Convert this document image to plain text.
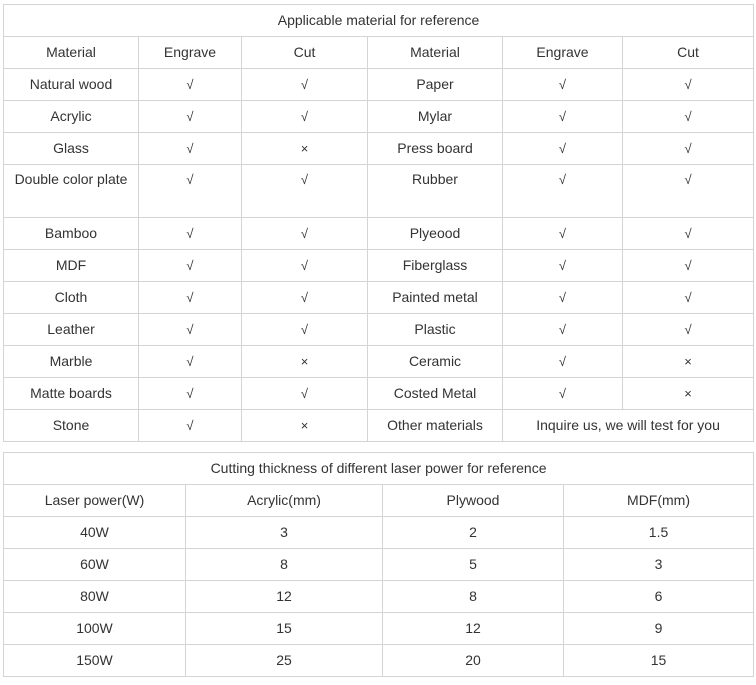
Applicable material for reference					
Material	Engrave	Cut	Material	Engrave	Cut
Natural wood	√	√	Paper	√	√
Acrylic	√	√	Mylar	√	√
Glass	√	×	Press board	√	√
Double color plate	√	√	Rubber	√	√
Bamboo	√	√	Plyeood	√	√
MDF	√	√	Fiberglass	√	√
Cloth	√	√	Painted metal	√	√
Leather	√	√	Plastic	√	√
Marble	√	×	Ceramic	√	×
Matte boards	√	√	Costed Metal	√	×
Stone	√	×	Other materials	Inquire us, we will test for you	
Cutting thickness of different laser power for reference			
Laser power(W)	Acrylic(mm)	Plywood	MDF(mm)
40W	3	2	1.5
60W	8	5	3
80W	12	8	6
100W	15	12	9
150W	25	20	15
